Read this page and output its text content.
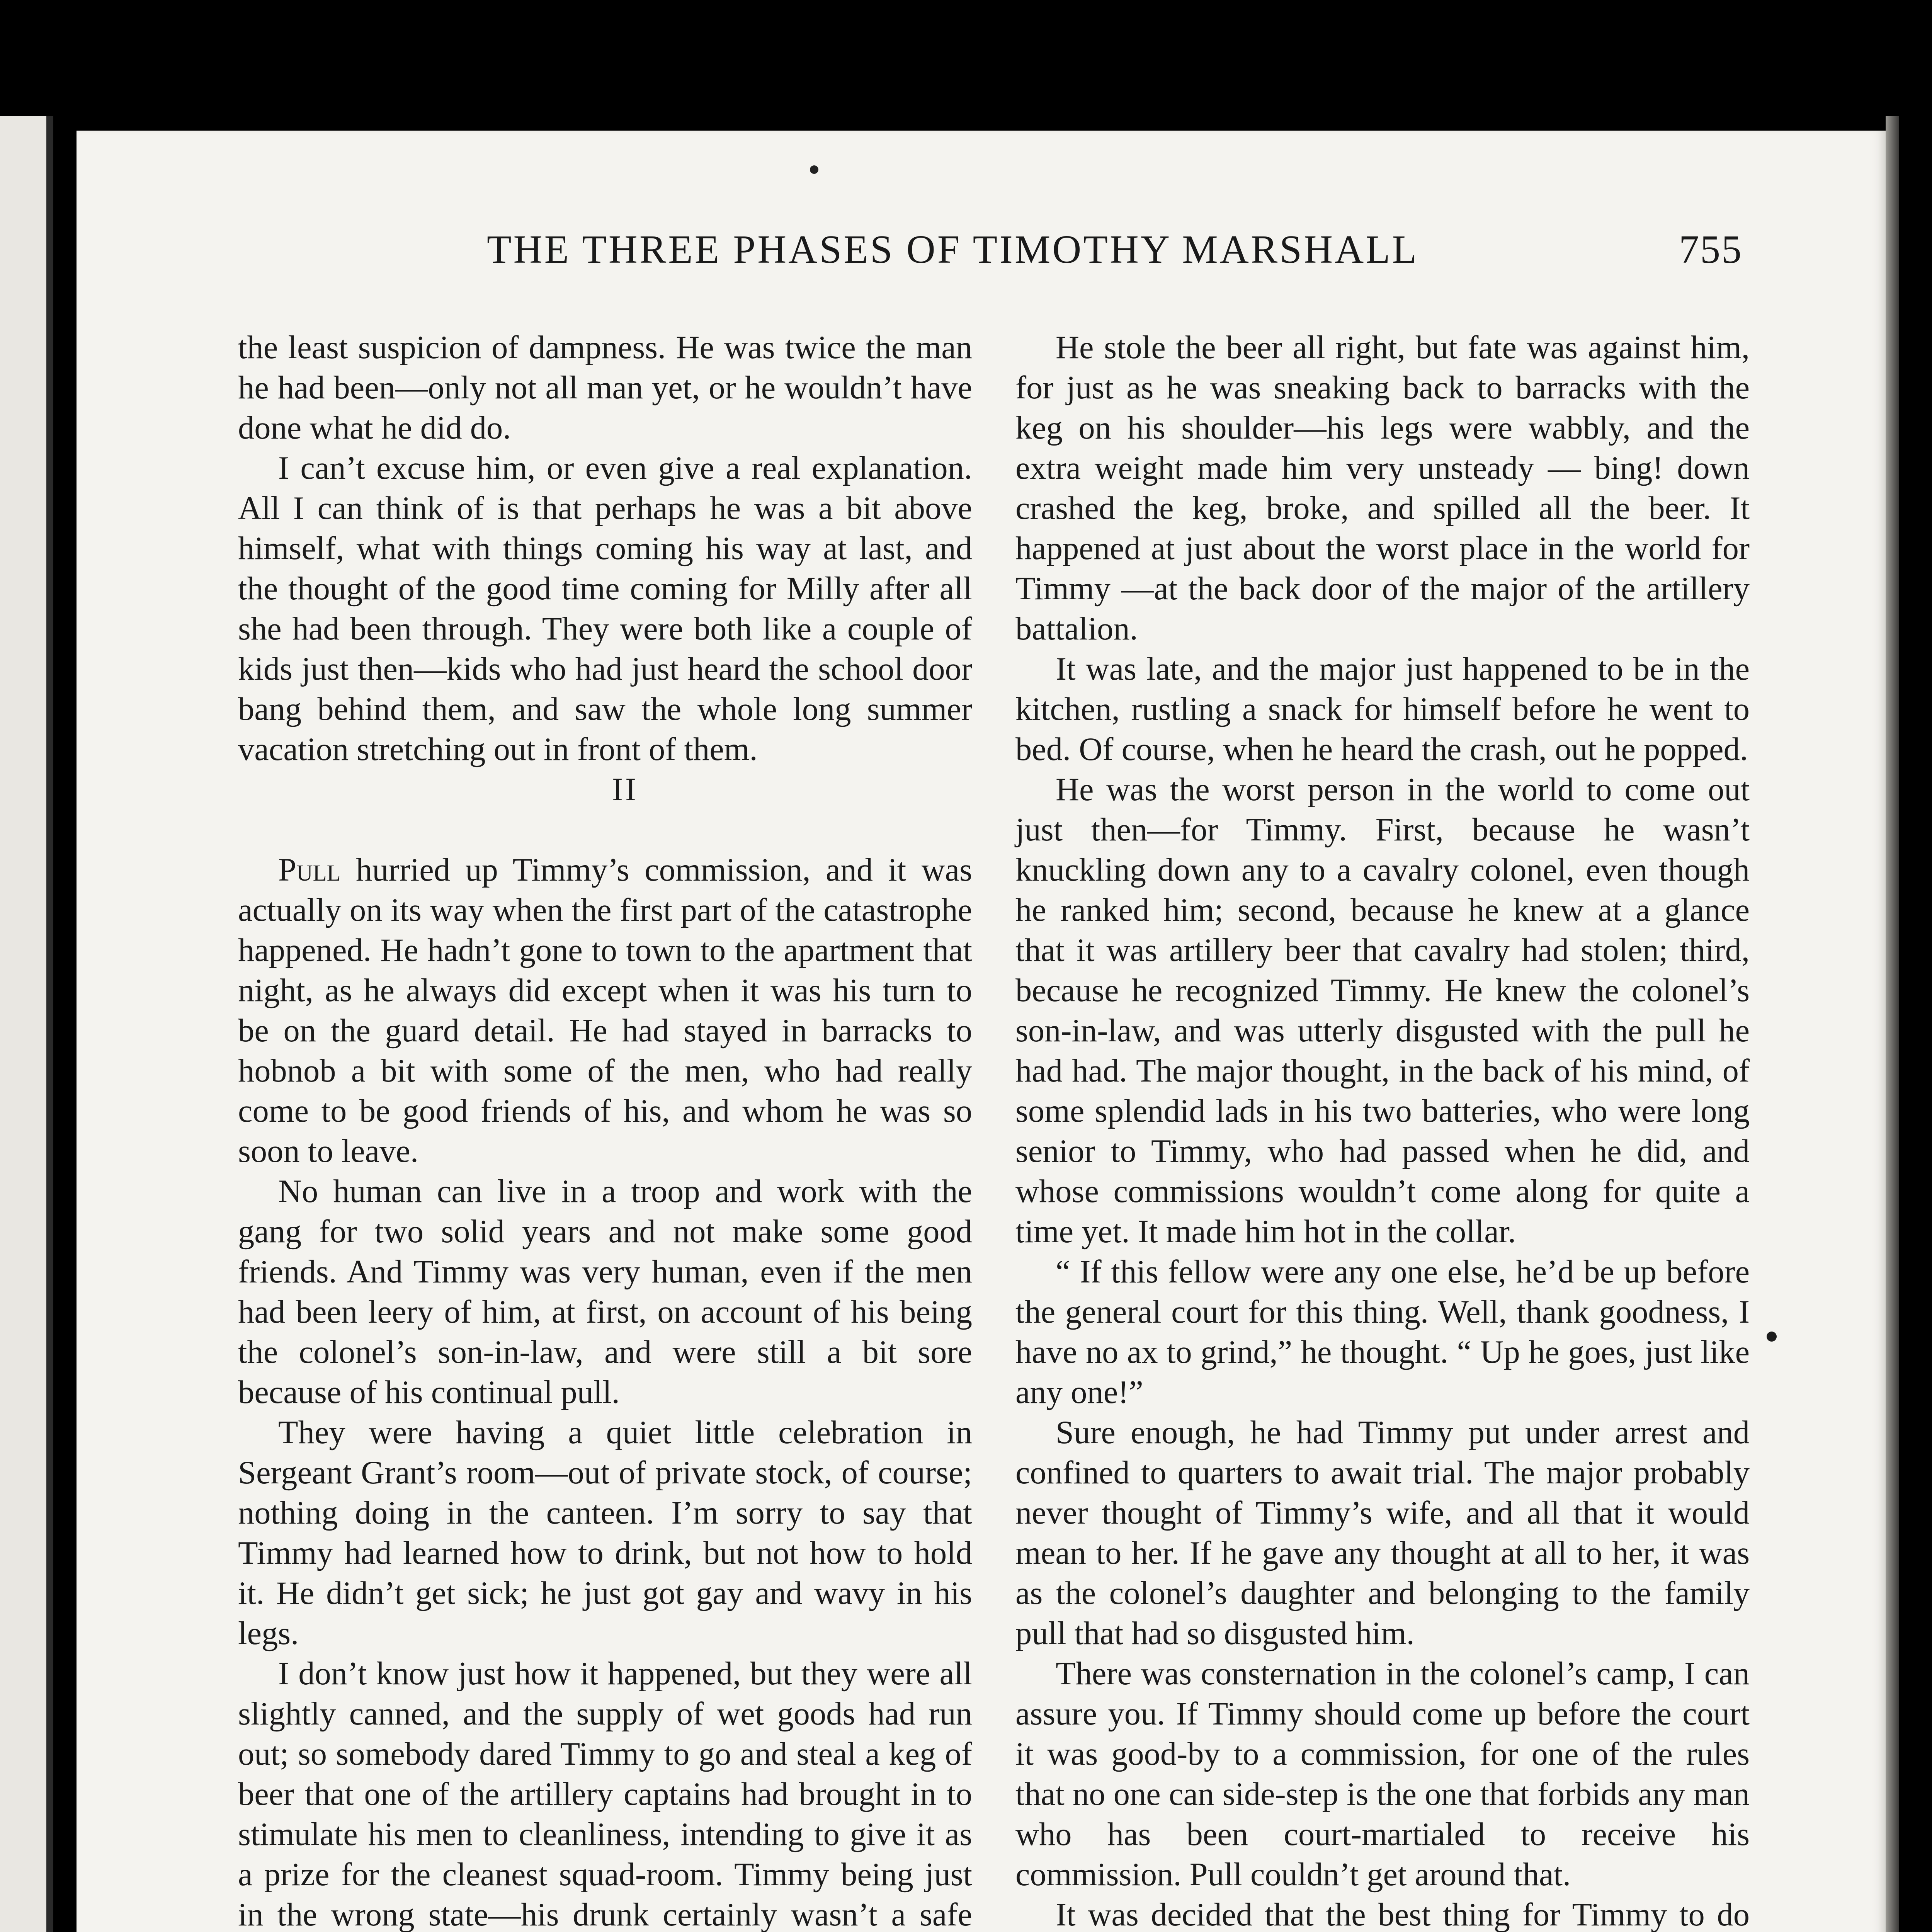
THE THREE PHASES OF TIMOTHY MARSHALL	755

the least suspicion of dampness. He was twice the man he had been—only not all man yet, or he wouldn’t have done what he did do.

I can’t excuse him, or even give a real explanation. All I can think of is that perhaps he was a bit above himself, what with things coming his way at last, and the thought of the good time coming for Milly after all she had been through. They were both like a couple of kids just then—kids who had just heard the school door bang behind them, and saw the whole long summer vacation stretching out in front of them.

II

Pull hurried up Timmy’s commission, and it was actually on its way when the first part of the catastrophe happened. He hadn’t gone to town to the apartment that night, as he always did except when it was his turn to be on the guard detail. He had stayed in barracks to hobnob a bit with some of the men, who had really come to be good friends of his, and whom he was so soon to leave.

No human can live in a troop and work with the gang for two solid years and not make some good friends. And Timmy was very human, even if the men had been leery of him, at first, on account of his being the colonel’s son-in-law, and were still a bit sore because of his continual pull.

They were having a quiet little celebration in Sergeant Grant’s room—out of private stock, of course; nothing doing in the canteen. I’m sorry to say that Timmy had learned how to drink, but not how to hold it. He didn’t get sick; he just got gay and wavy in his legs.

I don’t know just how it happened, but they were all slightly canned, and the supply of wet goods had run out; so somebody dared Timmy to go and steal a keg of beer that one of the artillery captains had brought in to stimulate his men to cleanliness, intending to give it as a prize for the cleanest squad-room. Timmy being just in the wrong state—his drunk certainly wasn’t a safe

He stole the beer all right, but fate was against him, for just as he was sneaking back to barracks with the keg on his shoulder—his legs were wabbly, and the extra weight made him very unsteady — bing! down crashed the keg, broke, and spilled all the beer. It happened at just about the worst place in the world for Timmy —at the back door of the major of the artillery battalion.

It was late, and the major just happened to be in the kitchen, rustling a snack for himself before he went to bed. Of course, when he heard the crash, out he popped.

He was the worst person in the world to come out just then—for Timmy. First, because he wasn’t knuckling down any to a cavalry colonel, even though he ranked him; second, because he knew at a glance that it was artillery beer that cavalry had stolen; third, because he recognized Timmy. He knew the colonel’s son-in-law, and was utterly disgusted with the pull he had had. The major thought, in the back of his mind, of some splendid lads in his two batteries, who were long senior to Timmy, who had passed when he did, and whose commissions wouldn’t come along for quite a time yet. It made him hot in the collar.

“ If this fellow were any one else, he’d be up before the general court for this thing. Well, thank goodness, I have no ax to grind,” he thought. “ Up he goes, just like any one!”

Sure enough, he had Timmy put under arrest and confined to quarters to await trial. The major probably never thought of Timmy’s wife, and all that it would mean to her. If he gave any thought at all to her, it was as the colonel’s daughter and belonging to the family pull that had so disgusted him.

There was consternation in the colonel’s camp, I can assure you. If Timmy should come up before the court it was good-by to a commission, for one of the rules that no one can side-step is the one that forbids any man who has been court-martialed to receive his commission. Pull couldn’t get around that.

It was decided that the best thing for Timmy to do
